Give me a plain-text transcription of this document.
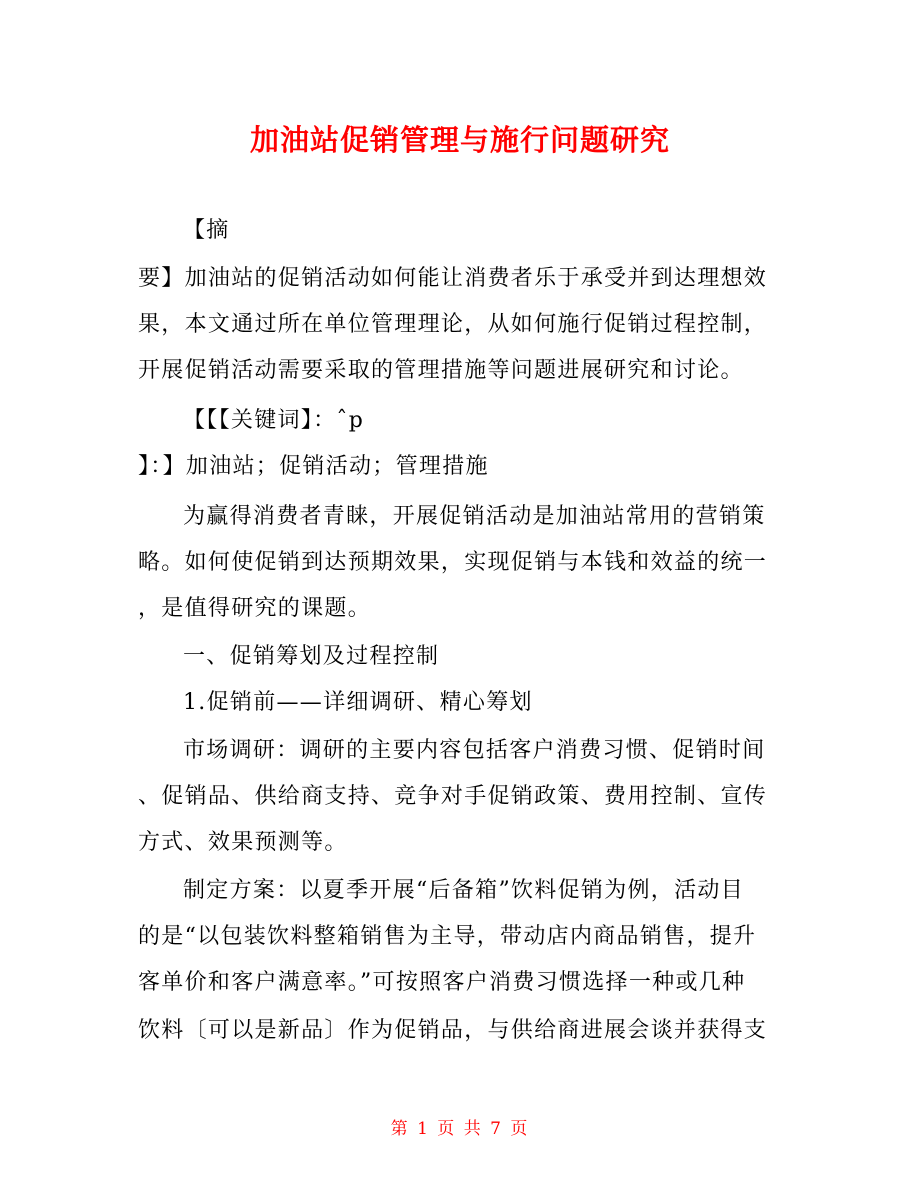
加油站促销管理与施行问题研究
【摘
要】加油站的促销活动如何能让消费者乐于承受并到达理想效
果，本文通过所在单位管理理论，从如何施行促销过程控制，
开展促销活动需要采取的管理措施等问题进展研究和讨论。
【【【关键词】：ˆp
】：】加油站；促销活动；管理措施
为赢得消费者青睐，开展促销活动是加油站常用的营销策
略。如何使促销到达预期效果，实现促销与本钱和效益的统一
，是值得研究的课题。
一、促销筹划及过程控制
1.促销前——详细调研、精心筹划
市场调研：调研的主要内容包括客户消费习惯、促销时间
、促销品、供给商支持、竞争对手促销政策、费用控制、宣传
方式、效果预测等。
制定方案：以夏季开展“后备箱”饮料促销为例，活动目
的是“以包装饮料整箱销售为主导，带动店内商品销售，提升
客单价和客户满意率。”可按照客户消费习惯选择一种或几种
饮料〔可以是新品〕作为促销品，与供给商进展会谈并获得支
第 1 页 共 7 页
